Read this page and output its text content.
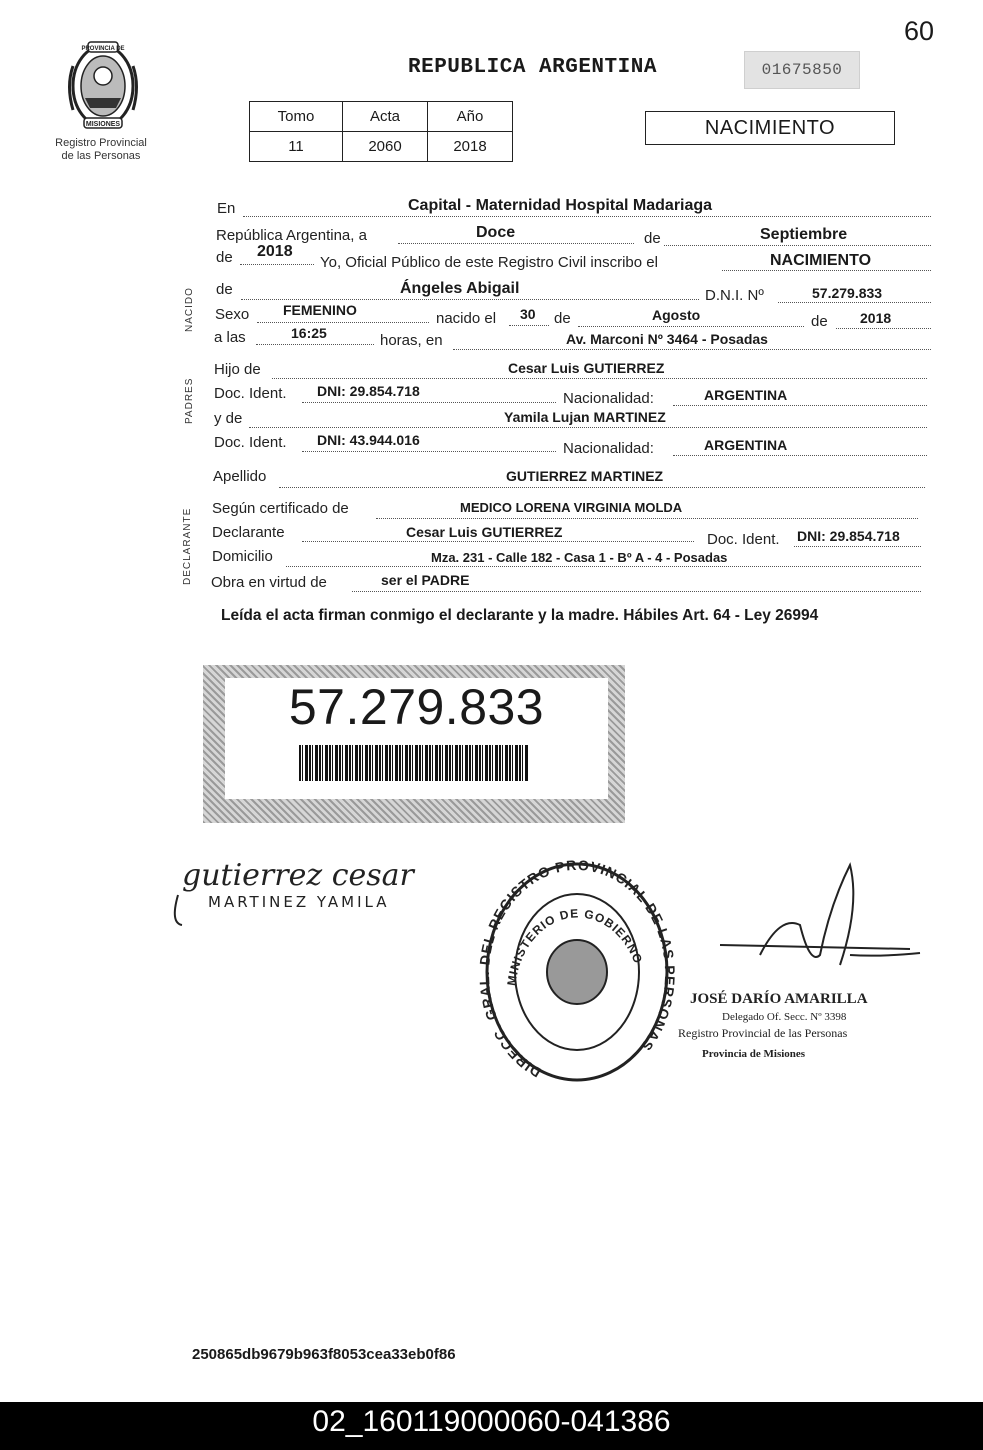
60
PROVINCIA DE
MISIONES
Registro Provincial
de las Personas
REPUBLICA ARGENTINA	01675850
Tomo	Acta	Año
11	2060	2018
NACIMIENTO
NACIDO
PADRES
DECLARANTE
En	Capital - Maternidad Hospital Madariaga
República Argentina, a	Doce	de	Septiembre
de 2018
Yo, Oficial Público de este Registro Civil inscribo el	NACIMIENTO
de	Ángeles Abigail	D.N.I. Nº	57.279.833
Sexo FEMENINO	nacido el 30 de	Agosto	de 2018
a las	16:25	horas, en	Av. Marconi Nº 3464 - Posadas
Hijo de	Cesar Luis GUTIERREZ
Doc. Ident. DNI: 29.854.718	Nacionalidad:	ARGENTINA
y de	Yamila Lujan MARTINEZ
Doc. Ident. DNI: 43.944.016	Nacionalidad:	ARGENTINA
Apellido	GUTIERREZ MARTINEZ
Según certificado de	MEDICO LORENA VIRGINIA MOLDA
Declarante	Cesar Luis GUTIERREZ	Doc. Ident. DNI: 29.854.718
Domicilio	Mza. 231 - Calle 182 - Casa 1 - Bº A - 4 - Posadas
Obra en virtud de	ser el PADRE
Leída el acta firman conmigo el declarante y la madre. Hábiles Art. 64 - Ley 26994
57.279.833
gutierrez cesar
MARTINEZ YAMILA
DIRECC. GRAL. DEL REGISTRO PROVINCIAL DE LAS PERSONAS
MINISTERIO DE GOBIERNO
JOSÉ DARÍO AMARILLA
Delegado Of. Secc. Nº 3398
Registro Provincial de las Personas
Provincia de Misiones
250865db9679b963f8053cea33eb0f86
02_160119000060-041386
